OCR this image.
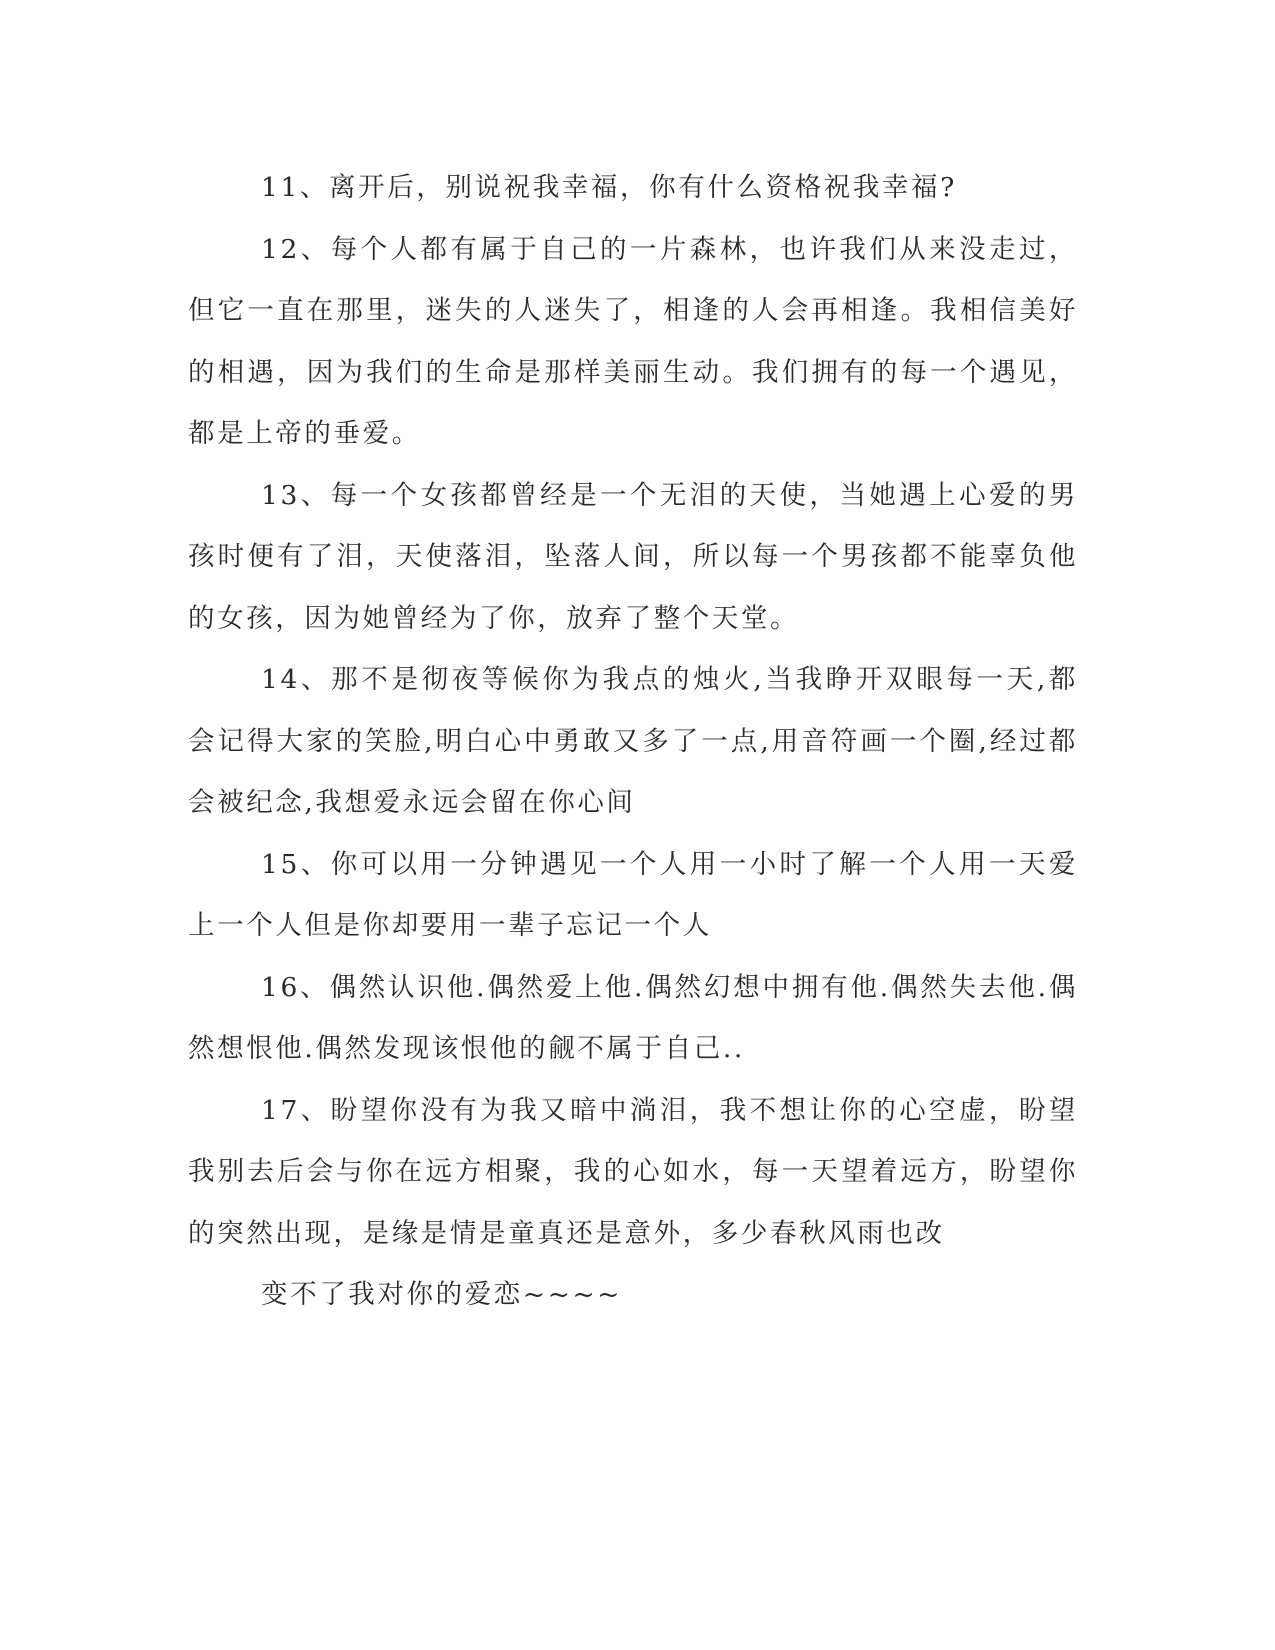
11、离开后，别说祝我幸福，你有什么资格祝我幸福?

12、每个人都有属于自己的一片森林，也许我们从来没走过，但它一直在那里，迷失的人迷失了，相逢的人会再相逢。我相信美好的相遇，因为我们的生命是那样美丽生动。我们拥有的每一个遇见，都是上帝的垂爱。

13、每一个女孩都曾经是一个无泪的天使，当她遇上心爱的男孩时便有了泪，天使落泪，坠落人间，所以每一个男孩都不能辜负他的女孩，因为她曾经为了你，放弃了整个天堂。

14、那不是彻夜等候你为我点的烛火,当我睁开双眼每一天,都会记得大家的笑脸,明白心中勇敢又多了一点,用音符画一个圈,经过都会被纪念,我想爱永远会留在你心间

15、你可以用一分钟遇见一个人用一小时了解一个人用一天爱上一个人但是你却要用一辈子忘记一个人

16、偶然认识他.偶然爱上他.偶然幻想中拥有他.偶然失去他.偶然想恨他.偶然发现该恨他的觎不属于自己..

17、盼望你没有为我又暗中淌泪，我不想让你的心空虚，盼望我别去后会与你在远方相聚，我的心如水，每一天望着远方，盼望你的突然出现，是缘是情是童真还是意外，多少春秋风雨也改

变不了我对你的爱恋~~~~
